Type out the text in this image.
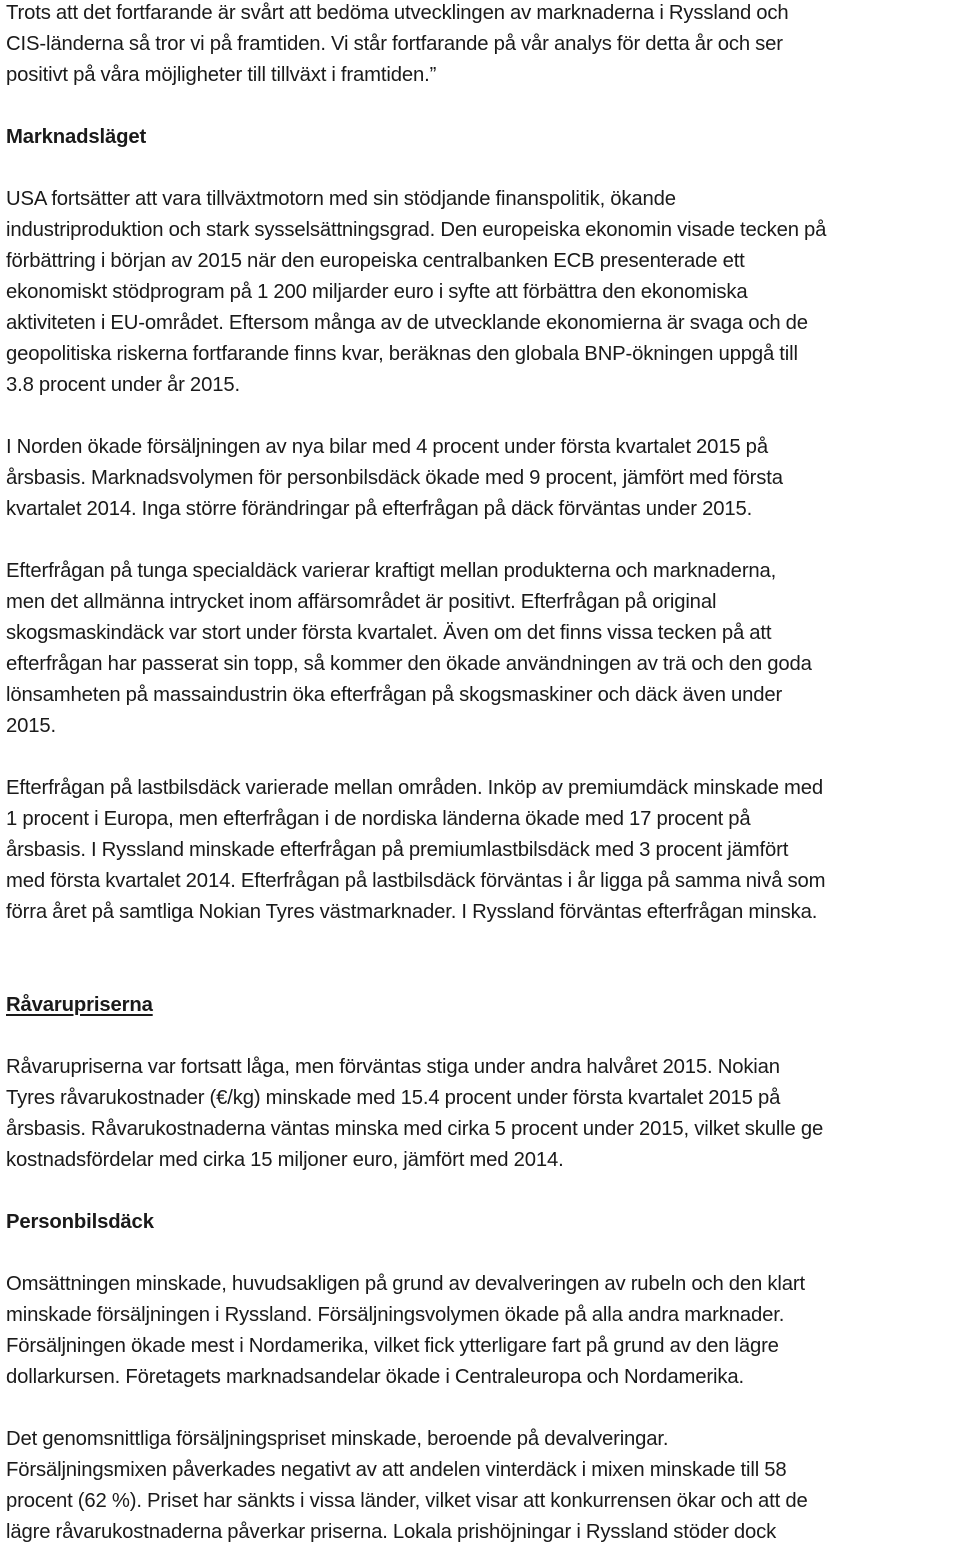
Trots att det fortfarande är svårt att bedöma utvecklingen av marknaderna i Ryssland och
CIS-länderna så tror vi på framtiden. Vi står fortfarande på vår analys för detta år och ser
positivt på våra möjligheter till tillväxt i framtiden.”
Marknadsläget
USA fortsätter att vara tillväxtmotorn med sin stödjande finanspolitik, ökande
industriproduktion och stark sysselsättningsgrad. Den europeiska ekonomin visade tecken på
förbättring i början av 2015 när den europeiska centralbanken ECB presenterade ett
ekonomiskt stödprogram på 1 200 miljarder euro i syfte att förbättra den ekonomiska
aktiviteten i EU-området. Eftersom många av de utvecklande ekonomierna är svaga och de
geopolitiska riskerna fortfarande finns kvar, beräknas den globala BNP-ökningen uppgå till
3.8 procent under år 2015.
I Norden ökade försäljningen av nya bilar med 4 procent under första kvartalet 2015 på
årsbasis. Marknadsvolymen för personbilsdäck ökade med 9 procent, jämfört med första
kvartalet 2014. Inga större förändringar på efterfrågan på däck förväntas under 2015.
Efterfrågan på tunga specialdäck varierar kraftigt mellan produkterna och marknaderna,
men det allmänna intrycket inom affärsområdet är positivt. Efterfrågan på original
skogsmaskindäck var stort under första kvartalet. Även om det finns vissa tecken på att
efterfrågan har passerat sin topp, så kommer den ökade användningen av trä och den goda
lönsamheten på massaindustrin öka efterfrågan på skogsmaskiner och däck även under
2015.
Efterfrågan på lastbilsdäck varierade mellan områden. Inköp av premiumdäck minskade med
1 procent i Europa, men efterfrågan i de nordiska länderna ökade med 17 procent på
årsbasis. I Ryssland minskade efterfrågan på premiumlastbilsdäck med 3 procent jämfört
med första kvartalet 2014. Efterfrågan på lastbilsdäck förväntas i år ligga på samma nivå som
förra året på samtliga Nokian Tyres västmarknader. I Ryssland förväntas efterfrågan minska.
Råvarupriserna
Råvarupriserna var fortsatt låga, men förväntas stiga under andra halvåret 2015. Nokian
Tyres råvarukostnader (€/kg) minskade med 15.4 procent under första kvartalet 2015 på
årsbasis. Råvarukostnaderna väntas minska med cirka 5 procent under 2015, vilket skulle ge
kostnadsfördelar med cirka 15 miljoner euro, jämfört med 2014.
Personbilsdäck
Omsättningen minskade, huvudsakligen på grund av devalveringen av rubeln och den klart
minskade försäljningen i Ryssland. Försäljningsvolymen ökade på alla andra marknader.
Försäljningen ökade mest i Nordamerika, vilket fick ytterligare fart på grund av den lägre
dollarkursen. Företagets marknadsandelar ökade i Centraleuropa och Nordamerika.
Det genomsnittliga försäljningspriset minskade, beroende på devalveringar.
Försäljningsmixen påverkades negativt av att andelen vinterdäck i mixen minskade till 58
procent (62 %). Priset har sänkts i vissa länder, vilket visar att konkurrensen ökar och att de
lägre råvarukostnaderna påverkar priserna. Lokala prishöjningar i Ryssland stöder dock
